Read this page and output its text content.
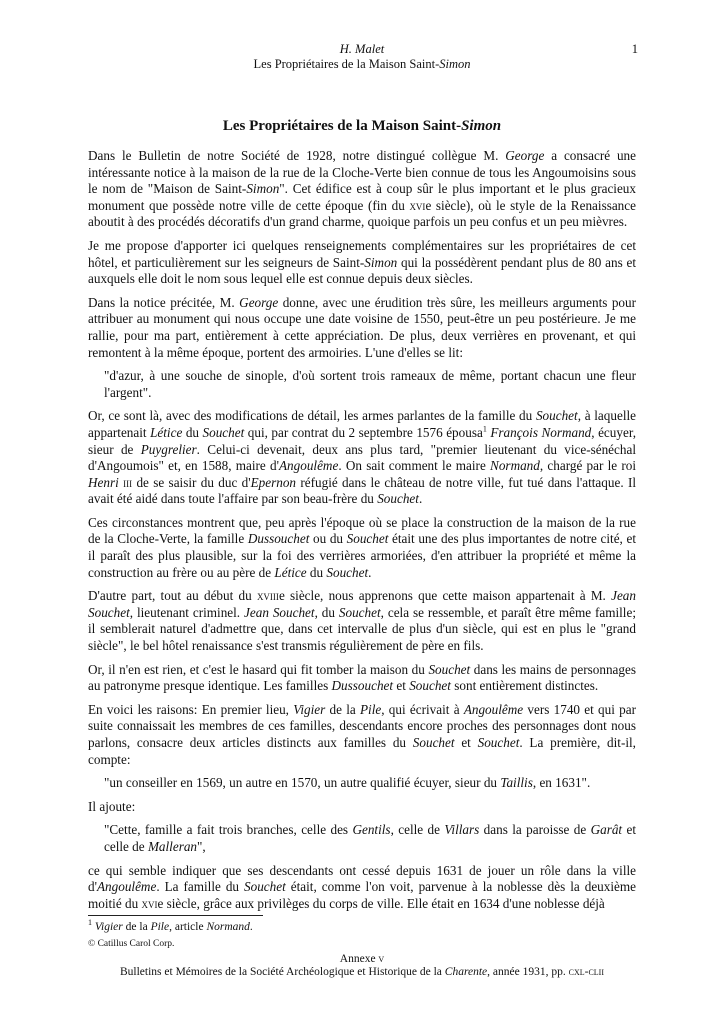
H. Malet
Les Propriétaires de la Maison Saint-Simon
1
Les Propriétaires de la Maison Saint-Simon

Dans le Bulletin de notre Société de 1928, notre distingué collègue M. George a consacré une intéressante notice à la maison de la rue de la Cloche-Verte bien connue de tous les Angoumoisins sous le nom de "Maison de Saint-Simon". Cet édifice est à coup sûr le plus important et le plus gracieux monument que possède notre ville de cette époque (fin du xvie siècle), où le style de la Renaissance aboutit à des procédés décoratifs d'un grand charme, quoique parfois un peu confus et un peu mièvres.

Je me propose d'apporter ici quelques renseignements complémentaires sur les propriétaires de cet hôtel, et particulièrement sur les seigneurs de Saint-Simon qui la possédèrent pendant plus de 80 ans et auxquels elle doit le nom sous lequel elle est connue depuis deux siècles.

Dans la notice précitée, M. George donne, avec une érudition très sûre, les meilleurs arguments pour attribuer au monument qui nous occupe une date voisine de 1550, peut-être un peu postérieure. Je me rallie, pour ma part, entièrement à cette appréciation. De plus, deux verrières en provenant, et qui remontent à la même époque, portent des armoiries. L'une d'elles se lit:

"d'azur, à une souche de sinople, d'où sortent trois rameaux de même, portant chacun une fleur l'argent".

Or, ce sont là, avec des modifications de détail, les armes parlantes de la famille du Souchet, à laquelle appartenait Létice du Souchet qui, par contrat du 2 septembre 1576 épousa$^1$ François Normand, écuyer, sieur de Puygrelier. Celui-ci devenait, deux ans plus tard, "premier lieutenant du vice-sénéchal d'Angoumois" et, en 1588, maire d'Angoulême. On sait comment le maire Normand, chargé par le roi Henri iii de se saisir du duc d'Epernon réfugié dans le château de notre ville, fut tué dans l'attaque. Il avait été aidé dans toute l'affaire par son beau-frère du Souchet.

Ces circonstances montrent que, peu après l'époque où se place la construction de la maison de la rue de la Cloche-Verte, la famille Dussouchet ou du Souchet était une des plus importantes de notre cité, et il paraît des plus plausible, sur la foi des verrières armoriées, d'en attribuer la propriété et même la construction au frère ou au père de Létice du Souchet.

D'autre part, tout au début du xviiie siècle, nous apprenons que cette maison appartenait à M. Jean Souchet, lieutenant criminel. Jean Souchet, du Souchet, cela se ressemble, et paraît être même famille; il semblerait naturel d'admettre que, dans cet intervalle de plus d'un siècle, qui est en plus le "grand siècle", le bel hôtel renaissance s'est transmis régulièrement de père en fils.

Or, il n'en est rien, et c'est le hasard qui fit tomber la maison du Souchet dans les mains de personnages au patronyme presque identique. Les familles Dussouchet et Souchet sont entièrement distinctes.

En voici les raisons: En premier lieu, Vigier de la Pile, qui écrivait à Angoulême vers 1740 et qui par suite connaissait les membres de ces familles, descendants encore proches des personnages dont nous parlons, consacre deux articles distincts aux familles du Souchet et Souchet. La première, dit-il, compte:

"un conseiller en 1569, un autre en 1570, un autre qualifié écuyer, sieur du Taillis, en 1631".

Il ajoute:

"Cette, famille a fait trois branches, celle des Gentils, celle de Villars dans la paroisse de Garât et celle de Malleran",

ce qui semble indiquer que ses descendants ont cessé depuis 1631 de jouer un rôle dans la ville d'Angoulême. La famille du Souchet était, comme l'on voit, parvenue à la noblesse dès la deuxième moitié du xvie siècle, grâce aux privilèges du corps de ville. Elle était en 1634 d'une noblesse déjà

$^1$ Vigier de la Pile, article Normand.
© Catillus Carol Corp.
Annexe v
Bulletins et Mémoires de la Société Archéologique et Historique de la Charente, année 1931, pp. cxl-clii
